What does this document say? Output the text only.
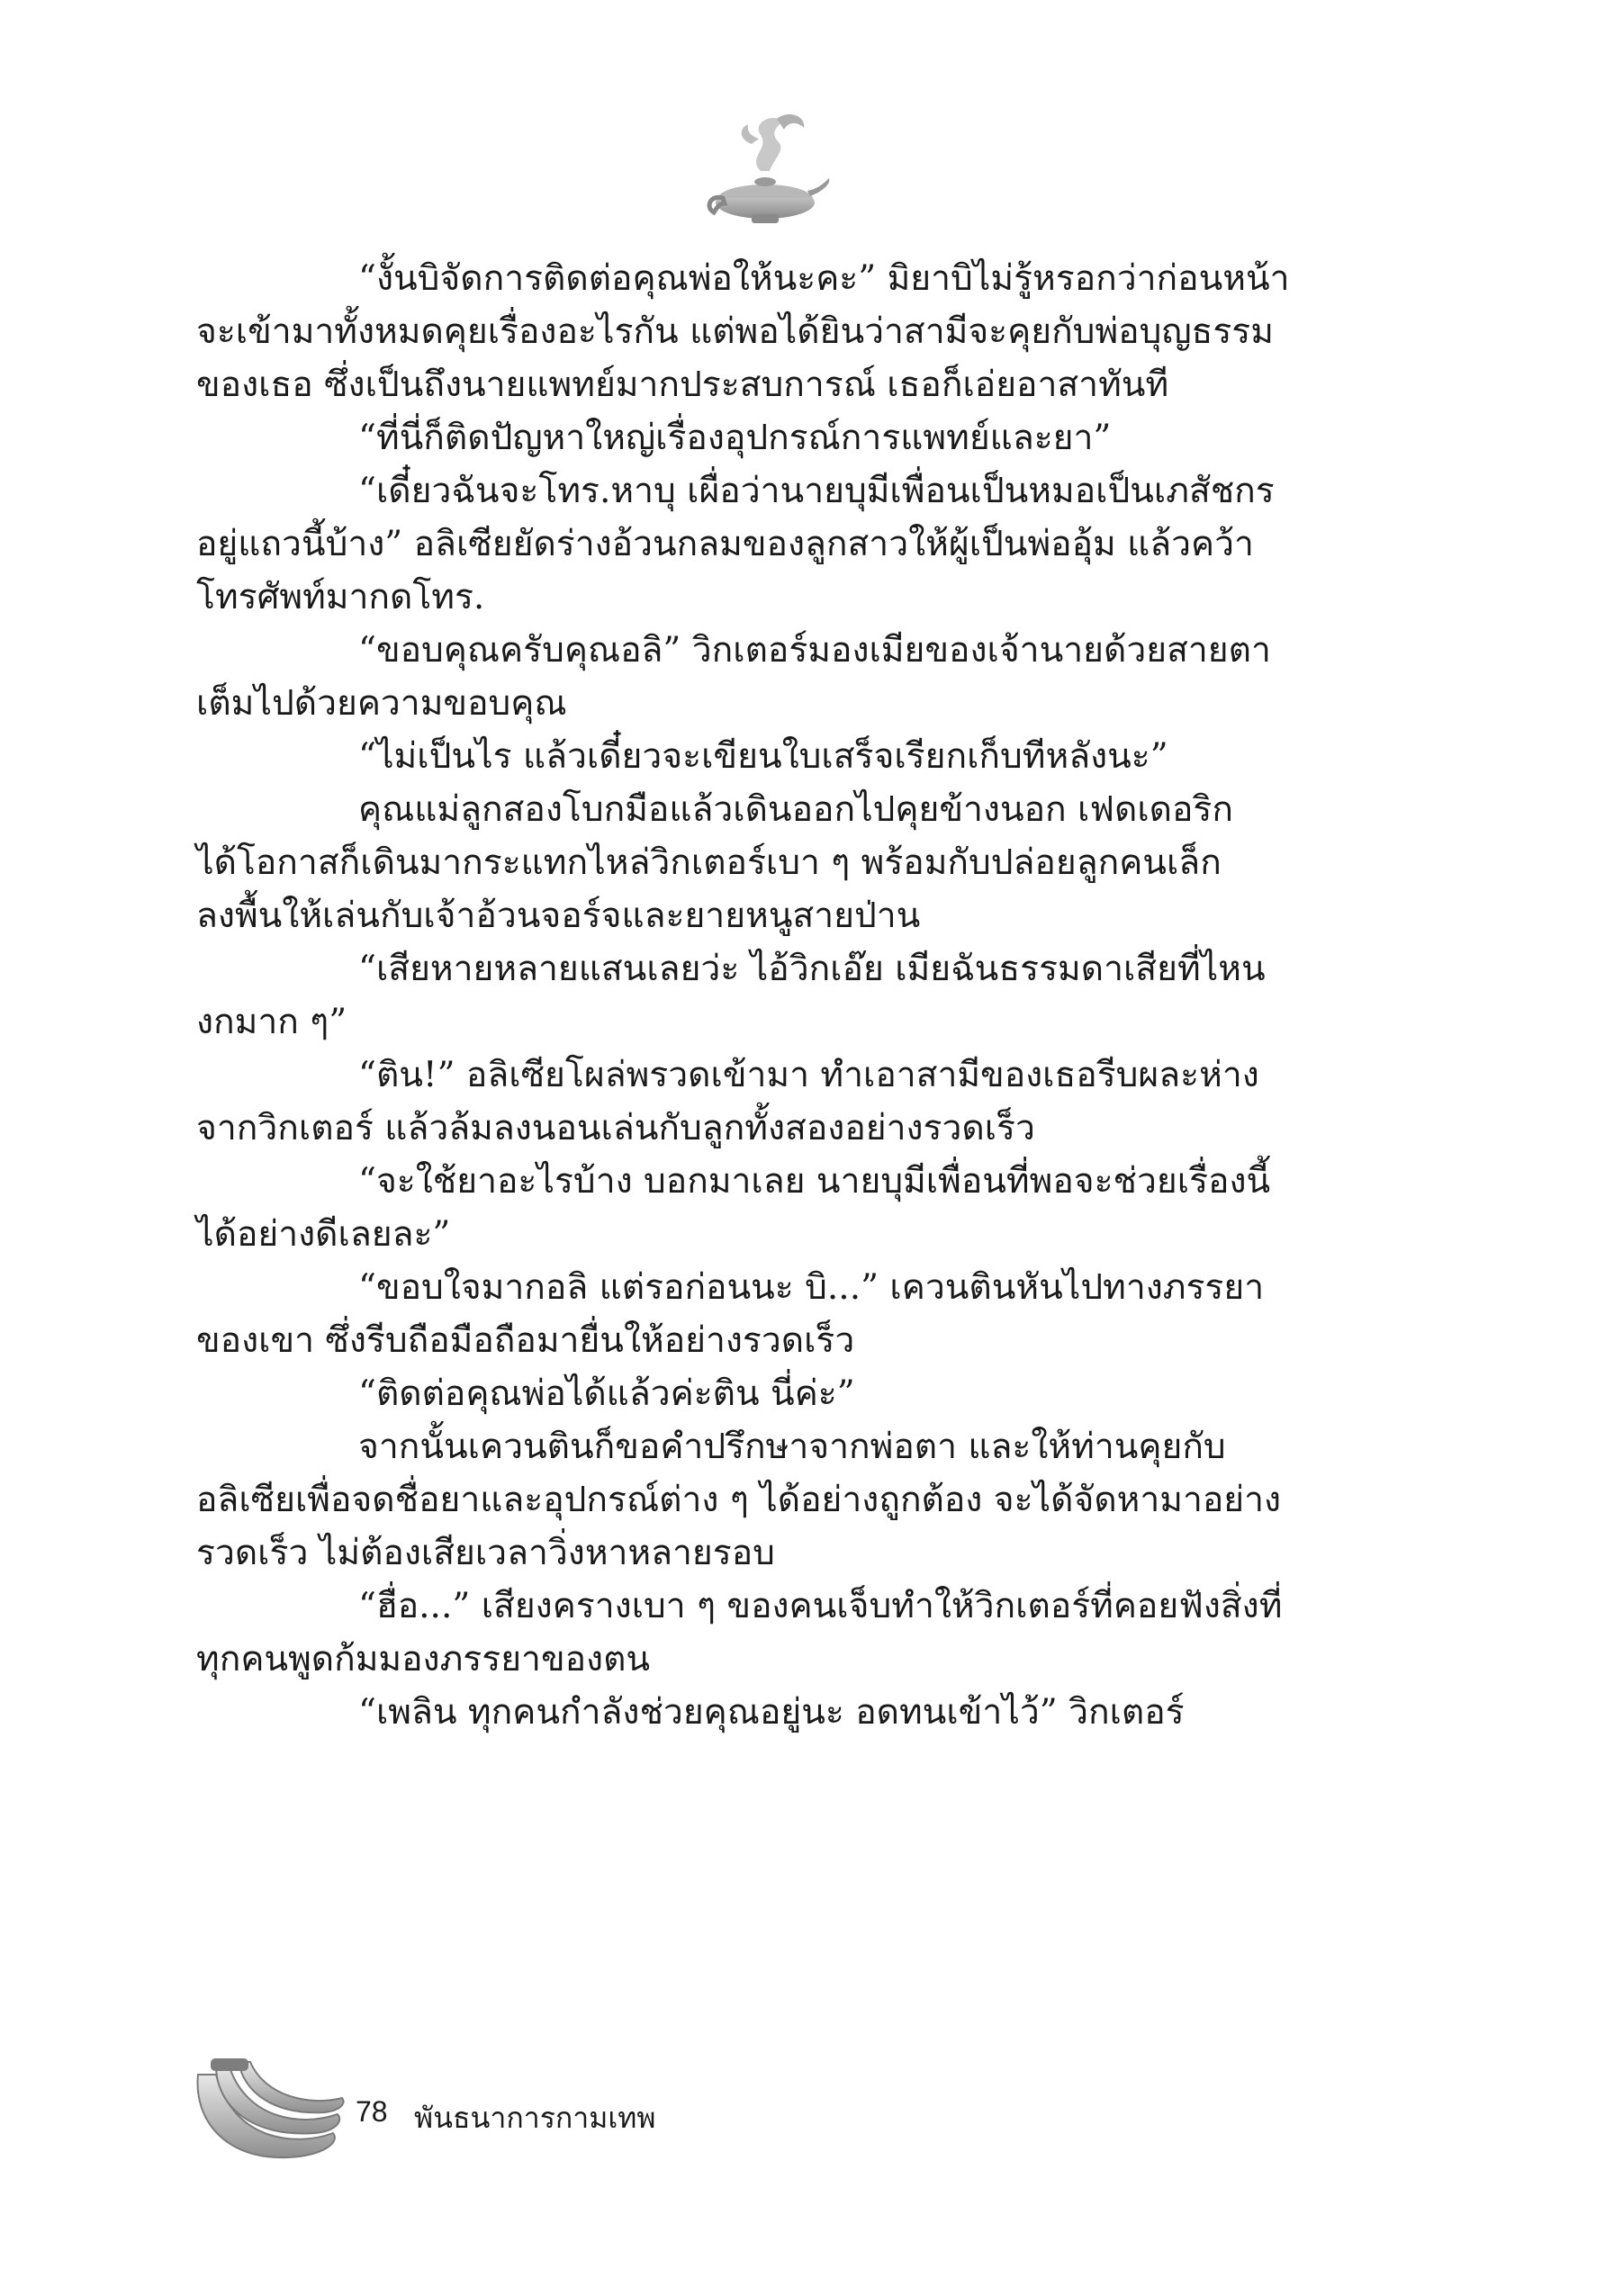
“งั้นบิจัดการติดต่อคุณพ่อให้นะคะ” มิยาบิไม่รู้หรอกว่าก่อนหน้า
จะเข้ามาทั้งหมดคุยเรื่องอะไรกัน แต่พอได้ยินว่าสามีจะคุยกับพ่อบุญธรรม
ของเธอ ซึ่งเป็นถึงนายแพทย์มากประสบการณ์ เธอก็เอ่ยอาสาทันที
“ที่นี่ก็ติดปัญหาใหญ่เรื่องอุปกรณ์การแพทย์และยา”
“เดี๋ยวฉันจะโทร.หาบุ เผื่อว่านายบุมีเพื่อนเป็นหมอเป็นเภสัชกร
อยู่แถวนี้บ้าง” อลิเซียยัดร่างอ้วนกลมของลูกสาวให้ผู้เป็นพ่ออุ้ม แล้วคว้า
โทรศัพท์มากดโทร.
“ขอบคุณครับคุณอลิ” วิกเตอร์มองเมียของเจ้านายด้วยสายตา
เต็มไปด้วยความขอบคุณ
“ไม่เป็นไร แล้วเดี๋ยวจะเขียนใบเสร็จเรียกเก็บทีหลังนะ”
คุณแม่ลูกสองโบกมือแล้วเดินออกไปคุยข้างนอก เฟดเดอริก
ได้โอกาสก็เดินมากระแทกไหล่วิกเตอร์เบา ๆ พร้อมกับปล่อยลูกคนเล็ก
ลงพื้นให้เล่นกับเจ้าอ้วนจอร์จและยายหนูสายป่าน
“เสียหายหลายแสนเลยว่ะ ไอ้วิกเอ๊ย เมียฉันธรรมดาเสียที่ไหน
งกมาก ๆ”
“ติน!” อลิเซียโผล่พรวดเข้ามา ทำเอาสามีของเธอรีบผละห่าง
จากวิกเตอร์ แล้วล้มลงนอนเล่นกับลูกทั้งสองอย่างรวดเร็ว
“จะใช้ยาอะไรบ้าง บอกมาเลย นายบุมีเพื่อนที่พอจะช่วยเรื่องนี้
ได้อย่างดีเลยละ”
“ขอบใจมากอลิ แต่รอก่อนนะ บิ...” เควนตินหันไปทางภรรยา
ของเขา ซึ่งรีบถือมือถือมายื่นให้อย่างรวดเร็ว
“ติดต่อคุณพ่อได้แล้วค่ะติน นี่ค่ะ”
จากนั้นเควนตินก็ขอคำปรึกษาจากพ่อตา และให้ท่านคุยกับ
อลิเซียเพื่อจดชื่อยาและอุปกรณ์ต่าง ๆ ได้อย่างถูกต้อง จะได้จัดหามาอย่าง
รวดเร็ว ไม่ต้องเสียเวลาวิ่งหาหลายรอบ
“ฮื่อ...” เสียงครางเบา ๆ ของคนเจ็บทำให้วิกเตอร์ที่คอยฟังสิ่งที่
ทุกคนพูดก้มมองภรรยาของตน
“เพลิน ทุกคนกำลังช่วยคุณอยู่นะ อดทนเข้าไว้” วิกเตอร์
78 พันธนาการกามเทพ
